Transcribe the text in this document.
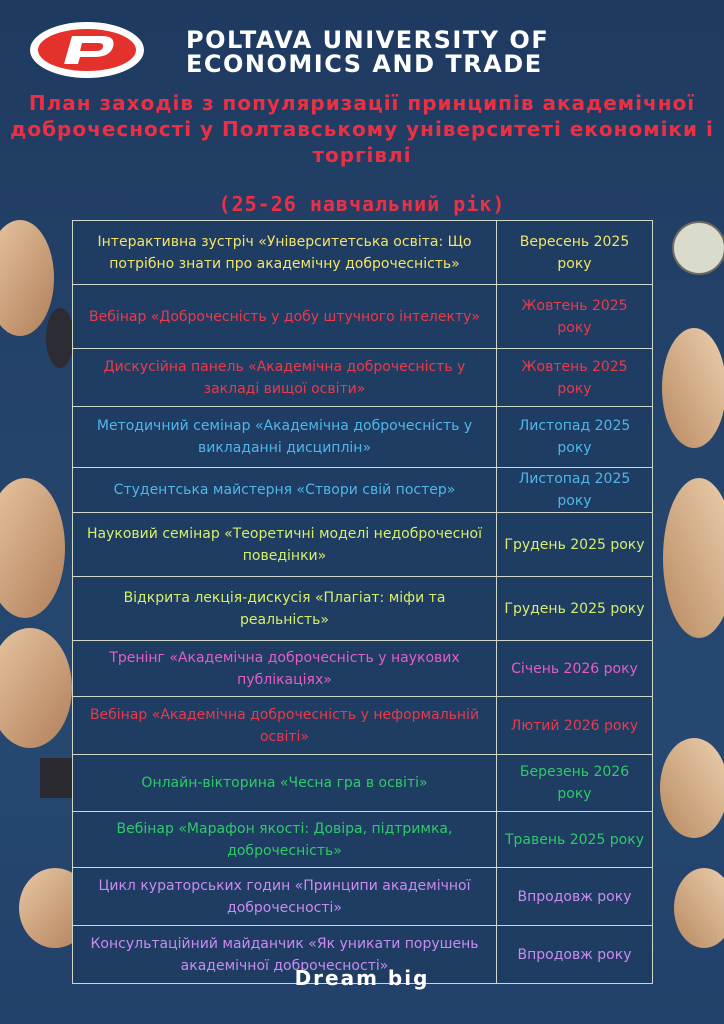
POLTAVA UNIVERSITY OF
ECONOMICS AND TRADE
План заходів з популяризації принципів академічної доброчесності у Полтавському університеті економіки і торгівлі
(25-26 навчальний рік)
Інтерактивна зустріч «Університетська освіта: Що потрібно знати про академічну доброчесність»	Вересень 2025 року
Вебінар «Доброчесність у добу штучного інтелекту»	Жовтень 2025 року
Дискусійна панель «Академічна доброчесність у закладі вищої освіти»	Жовтень 2025 року
Методичний семінар «Академічна доброчесність у викладанні дисциплін»	Листопад 2025 року
Студентська майстерня «Створи свій постер»	Листопад 2025 року
Науковий семінар «Теоретичні моделі недоброчесної поведінки»	Грудень 2025 року
Відкрита лекція-дискусія «Плагіат: міфи та реальність»	Грудень 2025 року
Тренінг «Академічна доброчесність у наукових публікаціях»	Січень 2026 року
Вебінар «Академічна доброчесність у неформальній освіті»	Лютий 2026 року
Онлайн-вікторина «Чесна гра в освіті»	Березень 2026 року
Вебінар «Марафон якості: Довіра, підтримка, доброчесність»	Травень 2025 року
Цикл кураторських годин «Принципи академічної доброчесності»	Впродовж року
Консультаційний майданчик «Як уникати порушень академічної доброчесності»	Впродовж року
Dream big
